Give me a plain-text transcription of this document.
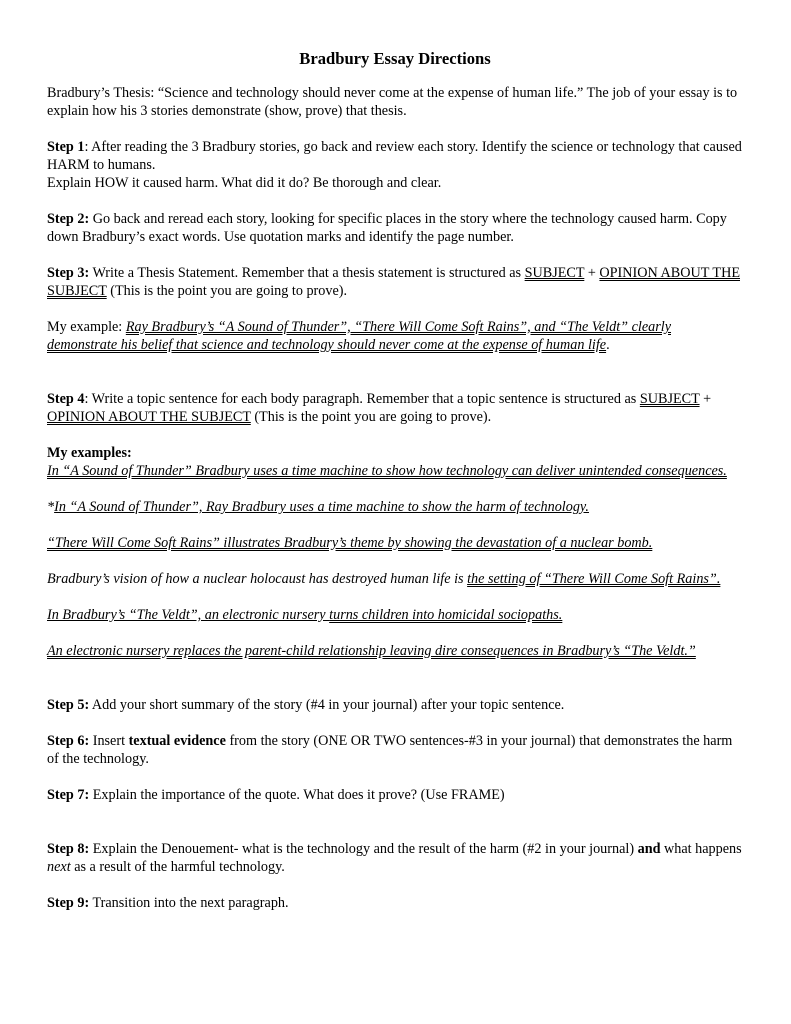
Bradbury Essay Directions

Bradbury’s Thesis: “Science and technology should never come at the expense of human life.” The job of your essay is to explain how his 3 stories demonstrate (show, prove) that thesis.

Step 1: After reading the 3 Bradbury stories, go back and review each story. Identify the science or technology that caused HARM to humans.
Explain HOW it caused harm. What did it do? Be thorough and clear.

Step 2: Go back and reread each story, looking for specific places in the story where the technology caused harm. Copy down Bradbury’s exact words. Use quotation marks and identify the page number.

Step 3: Write a Thesis Statement. Remember that a thesis statement is structured as SUBJECT + OPINION ABOUT THE SUBJECT (This is the point you are going to prove).

My example: Ray Bradbury’s “A Sound of Thunder”, “There Will Come Soft Rains”, and “The Veldt” clearly demonstrate his belief that science and technology should never come at the expense of human life.

Step 4: Write a topic sentence for each body paragraph. Remember that a topic sentence is structured as SUBJECT + OPINION ABOUT THE SUBJECT (This is the point you are going to prove).

My examples:
In “A Sound of Thunder” Bradbury uses a time machine to show how technology can deliver unintended consequences.

*In “A Sound of Thunder”, Ray Bradbury uses a time machine to show the harm of technology.

“There Will Come Soft Rains” illustrates Bradbury’s theme by showing the devastation of a nuclear bomb.

Bradbury’s vision of how a nuclear holocaust has destroyed human life is the setting of “There Will Come Soft Rains”.

In Bradbury’s “The Veldt”, an electronic nursery turns children into homicidal sociopaths.

An electronic nursery replaces the parent-child relationship leaving dire consequences in Bradbury’s “The Veldt.”

Step 5: Add your short summary of the story (#4 in your journal) after your topic sentence.

Step 6: Insert textual evidence from the story (ONE OR TWO sentences-#3 in your journal) that demonstrates the harm of the technology.

Step 7: Explain the importance of the quote. What does it prove? (Use FRAME)

Step 8: Explain the Denouement- what is the technology and the result of the harm (#2 in your journal) and what happens next as a result of the harmful technology.

Step 9: Transition into the next paragraph.
